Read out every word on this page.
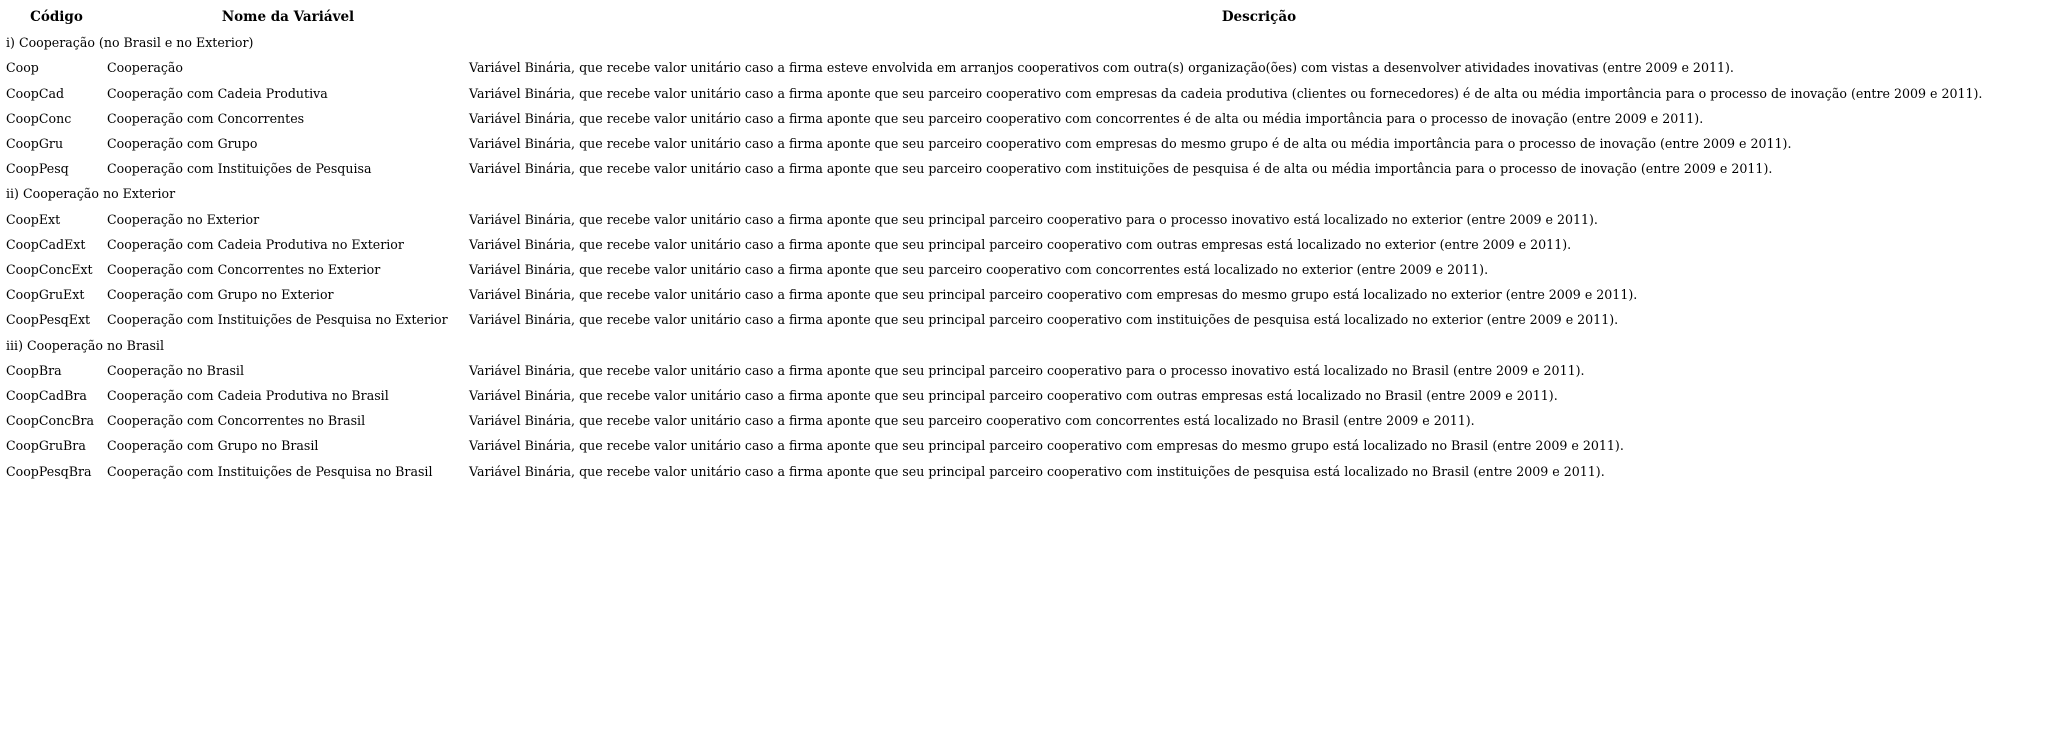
Código	Nome da Variável	Descrição
i) Cooperação (no Brasil e no Exterior)		
Coop	Cooperação	Variável Binária, que recebe valor unitário caso a firma esteve envolvida em arranjos cooperativos com outra(s) organização(ões) com vistas a desenvolver atividades inovativas (entre 2009 e 2011).
CoopCad	Cooperação com Cadeia Produtiva	Variável Binária, que recebe valor unitário caso a firma aponte que seu parceiro cooperativo com empresas da cadeia produtiva (clientes ou fornecedores) é de alta ou média importância para o processo de inovação (entre 2009 e 2011).
CoopConc	Cooperação com Concorrentes	Variável Binária, que recebe valor unitário caso a firma aponte que seu parceiro cooperativo com concorrentes é de alta ou média importância para o processo de inovação (entre 2009 e 2011).
CoopGru	Cooperação com Grupo	Variável Binária, que recebe valor unitário caso a firma aponte que seu parceiro cooperativo com empresas do mesmo grupo é de alta ou média importância para o processo de inovação (entre 2009 e 2011).
CoopPesq	Cooperação com Instituições de Pesquisa	Variável Binária, que recebe valor unitário caso a firma aponte que seu parceiro cooperativo com instituições de pesquisa é de alta ou média importância para o processo de inovação (entre 2009 e 2011).
ii) Cooperação no Exterior		
CoopExt	Cooperação no Exterior	Variável Binária, que recebe valor unitário caso a firma aponte que seu principal parceiro cooperativo para o processo inovativo está localizado no exterior (entre 2009 e 2011).
CoopCadExt	Cooperação com Cadeia Produtiva no Exterior	Variável Binária, que recebe valor unitário caso a firma aponte que seu principal parceiro cooperativo com outras empresas está localizado no exterior (entre 2009 e 2011).
CoopConcExt	Cooperação com Concorrentes no Exterior	Variável Binária, que recebe valor unitário caso a firma aponte que seu parceiro cooperativo com concorrentes está localizado no exterior (entre 2009 e 2011).
CoopGruExt	Cooperação com Grupo no Exterior	Variável Binária, que recebe valor unitário caso a firma aponte que seu principal parceiro cooperativo com empresas do mesmo grupo está localizado no exterior (entre 2009 e 2011).
CoopPesqExt	Cooperação com Instituições de Pesquisa no Exterior	Variável Binária, que recebe valor unitário caso a firma aponte que seu principal parceiro cooperativo com instituições de pesquisa está localizado no exterior (entre 2009 e 2011).
iii) Cooperação no Brasil		
CoopBra	Cooperação no Brasil	Variável Binária, que recebe valor unitário caso a firma aponte que seu principal parceiro cooperativo para o processo inovativo está localizado no Brasil (entre 2009 e 2011).
CoopCadBra	Cooperação com Cadeia Produtiva no Brasil	Variável Binária, que recebe valor unitário caso a firma aponte que seu principal parceiro cooperativo com outras empresas está localizado no Brasil (entre 2009 e 2011).
CoopConcBra	Cooperação com Concorrentes no Brasil	Variável Binária, que recebe valor unitário caso a firma aponte que seu parceiro cooperativo com concorrentes está localizado no Brasil (entre 2009 e 2011).
CoopGruBra	Cooperação com Grupo no Brasil	Variável Binária, que recebe valor unitário caso a firma aponte que seu principal parceiro cooperativo com empresas do mesmo grupo está localizado no Brasil (entre 2009 e 2011).
CoopPesqBra	Cooperação com Instituições de Pesquisa no Brasil	Variável Binária, que recebe valor unitário caso a firma aponte que seu principal parceiro cooperativo com instituições de pesquisa está localizado no Brasil (entre 2009 e 2011).
